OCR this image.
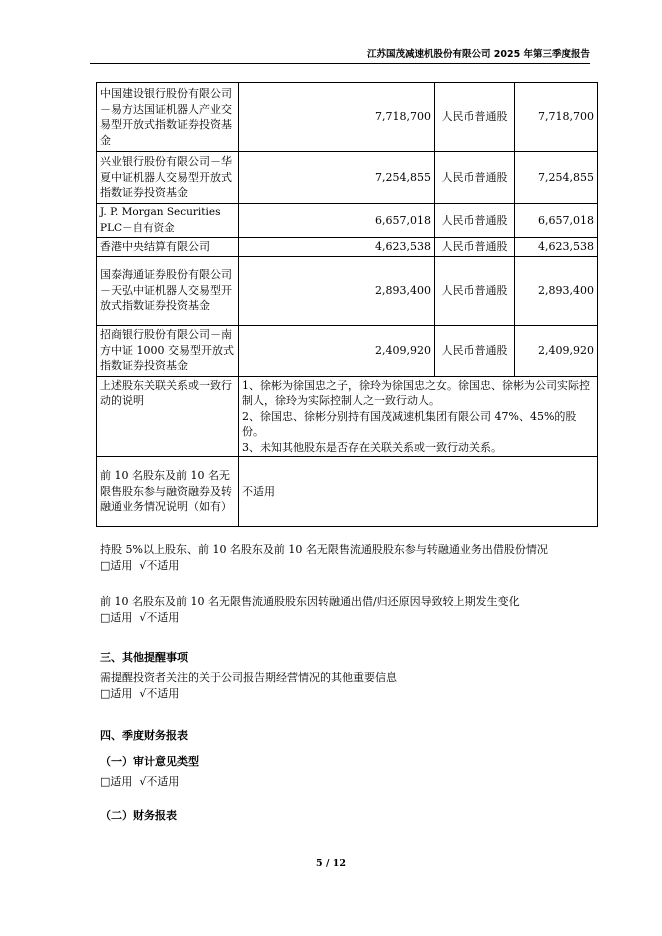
江苏国茂减速机股份有限公司 2025 年第三季度报告
中国建设银行股份有限公司－易方达国证机器人产业交易型开放式指数证券投资基金	7,718,700	人民币普通股	7,718,700
兴业银行股份有限公司－华夏中证机器人交易型开放式指数证券投资基金	7,254,855	人民币普通股	7,254,855
J. P. Morgan Securities PLC－自有资金	6,657,018	人民币普通股	6,657,018
香港中央结算有限公司	4,623,538	人民币普通股	4,623,538
国泰海通证券股份有限公司－天弘中证机器人交易型开放式指数证券投资基金	2,893,400	人民币普通股	2,893,400
招商银行股份有限公司－南方中证 1000 交易型开放式指数证券投资基金	2,409,920	人民币普通股	2,409,920
上述股东关联关系或一致行动的说明	1、徐彬为徐国忠之子，徐玲为徐国忠之女。徐国忠、徐彬为公司实际控制人，徐玲为实际控制人之一致行动人。
2、徐国忠、徐彬分别持有国茂减速机集团有限公司 47%、45%的股份。
3、未知其他股东是否存在关联关系或一致行动关系。		

前 10 名股东及前 10 名无限售股东参与融资融券及转融通业务情况说明（如有）	不适用		
持股 5%以上股东、前 10 名股东及前 10 名无限售流通股股东参与转融通业务出借股份情况
□适用  √不适用
前 10 名股东及前 10 名无限售流通股股东因转融通出借/归还原因导致较上期发生变化
□适用  √不适用
三、其他提醒事项
需提醒投资者关注的关于公司报告期经营情况的其他重要信息
□适用  √不适用
四、季度财务报表
（一）审计意见类型
□适用  √不适用
（二）财务报表
5 / 12
